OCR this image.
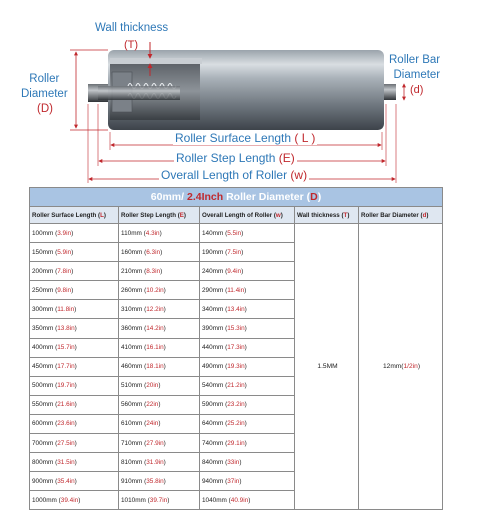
Wall thickness
(T)
Roller
Diameter
(D)
Roller Bar
Diameter
(d)
Roller Surface Length ( L )
Roller Step Length (E)
Overall Length of Roller (w)
60mm/ 2.4Inch Roller Diameter (D)				
Roller Surface Length (L)	Roller Step Length (E)	Overall Length of Roller (w)	Wall thickness (T)	Roller Bar Diameter (d)
100mm (3.9in)	110mm (4.3in)	140mm (5.5in)	1.5MM	12mm(1/2in)
150mm (5.9in)	160mm (6.3in)	190mm (7.5in)		
200mm (7.8in)	210mm (8.3in)	240mm (9.4in)		
250mm (9.8in)	260mm (10.2in)	290mm (11.4in)		
300mm (11.8in)	310mm (12.2in)	340mm (13.4in)		
350mm (13.8in)	360mm (14.2in)	390mm (15.3in)		
400mm (15.7in)	410mm (16.1in)	440mm (17.3in)		
450mm (17.7in)	460mm (18.1in)	490mm (19.3in)		
500mm (19.7in)	510mm (20in)	540mm (21.2in)		
550mm (21.6in)	560mm (22in)	590mm (23.2in)		
600mm (23.6in)	610mm (24in)	640mm (25.2in)		
700mm (27.5in)	710mm (27.9in)	740mm (29.1in)		
800mm (31.5in)	810mm (31.9in)	840mm (33in)		
900mm (35.4in)	910mm (35.8in)	940mm (37in)		
1000mm (39.4in)	1010mm (39.7in)	1040mm (40.9in)		
